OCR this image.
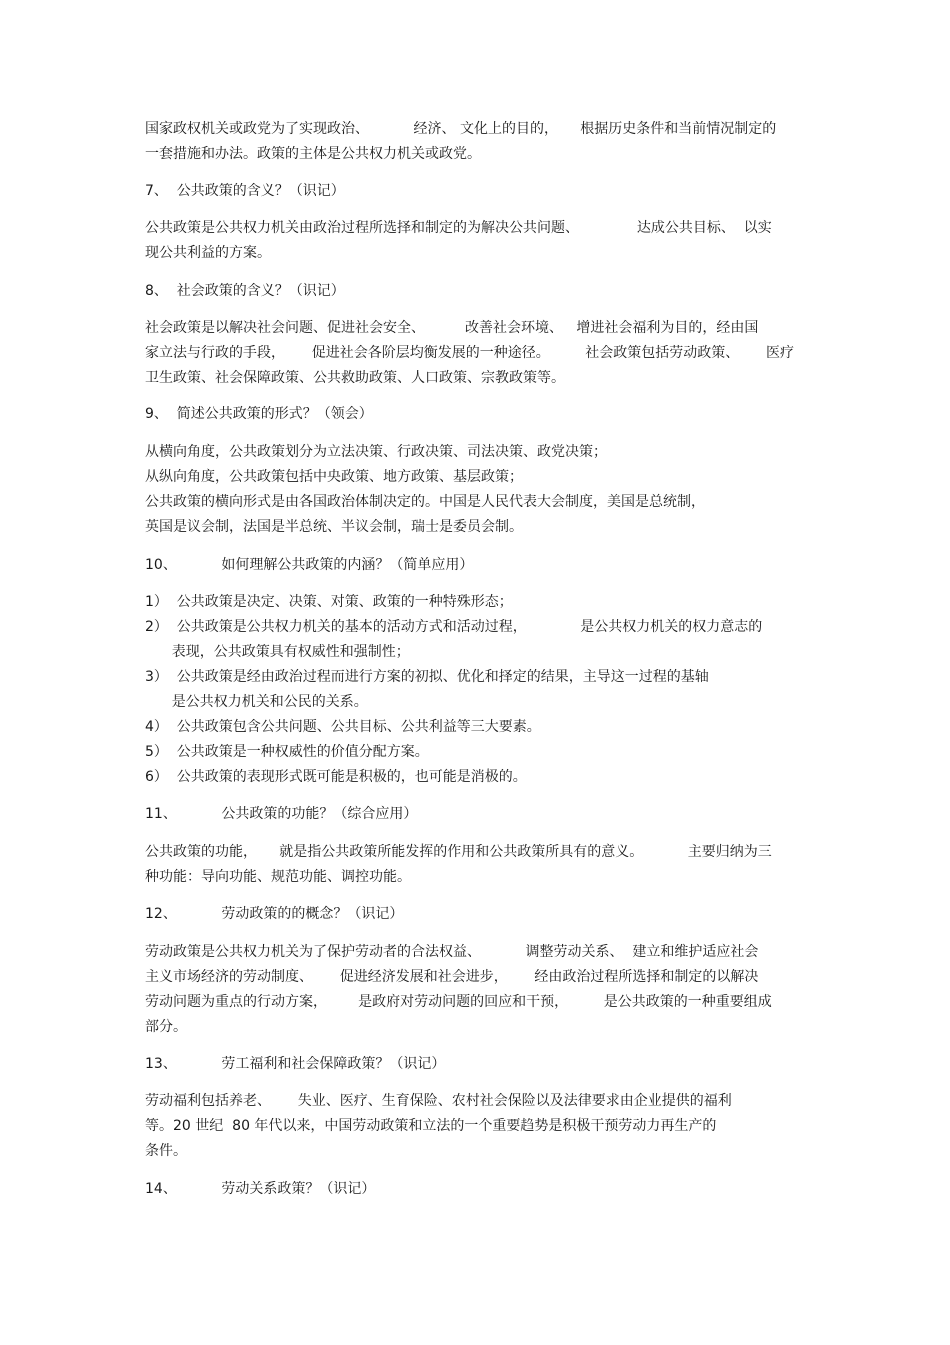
国家政权机关或政党为了实现政治、          经济、 文化上的目的，     根据历史条件和当前情况制定的
一套措施和办法。政策的主体是公共权力机关或政党。
7、  公共政策的含义？（识记）
公共政策是公共权力机关由政治过程所选择和制定的为解决公共问题、             达成公共目标、  以实
现公共利益的方案。
8、  社会政策的含义？（识记）
社会政策是以解决社会问题、促进社会安全、         改善社会环境、   增进社会福利为目的，经由国
家立法与行政的手段，      促进社会各阶层均衡发展的一种途径。        社会政策包括劳动政策、      医疗
卫生政策、社会保障政策、公共救助政策、人口政策、宗教政策等。
9、  简述公共政策的形式？（领会）
从横向角度，公共政策划分为立法决策、行政决策、司法决策、政党决策；
从纵向角度，公共政策包括中央政策、地方政策、基层政策；
公共政策的横向形式是由各国政治体制决定的。中国是人民代表大会制度，美国是总统制，
英国是议会制，法国是半总统、半议会制，瑞士是委员会制。
10、          如何理解公共政策的内涵？（简单应用）
1）  公共政策是决定、决策、对策、政策的一种特殊形态；
2）  公共政策是公共权力机关的基本的活动方式和活动过程，            是公共权力机关的权力意志的
表现，公共政策具有权威性和强制性；
3）  公共政策是经由政治过程而进行方案的初拟、优化和择定的结果，主导这一过程的基轴
是公共权力机关和公民的关系。
4）  公共政策包含公共问题、公共目标、公共利益等三大要素。
5）  公共政策是一种权威性的价值分配方案。
6）  公共政策的表现形式既可能是积极的，也可能是消极的。
11、          公共政策的功能？（综合应用）
公共政策的功能，     就是指公共政策所能发挥的作用和公共政策所具有的意义。          主要归纳为三
种功能：导向功能、规范功能、调控功能。
12、          劳动政策的的概念？（识记）
劳动政策是公共权力机关为了保护劳动者的合法权益、          调整劳动关系、  建立和维护适应社会
主义市场经济的劳动制度、      促进经济发展和社会进步，      经由政治过程所选择和制定的以解决
劳动问题为重点的行动方案，       是政府对劳动问题的回应和干预，        是公共政策的一种重要组成
部分。
13、          劳工福利和社会保障政策？（识记）
劳动福利包括养老、      失业、医疗、生育保险、农村社会保险以及法律要求由企业提供的福利
等。20 世纪  80 年代以来，中国劳动政策和立法的一个重要趋势是积极干预劳动力再生产的
条件。
14、          劳动关系政策？（识记）
